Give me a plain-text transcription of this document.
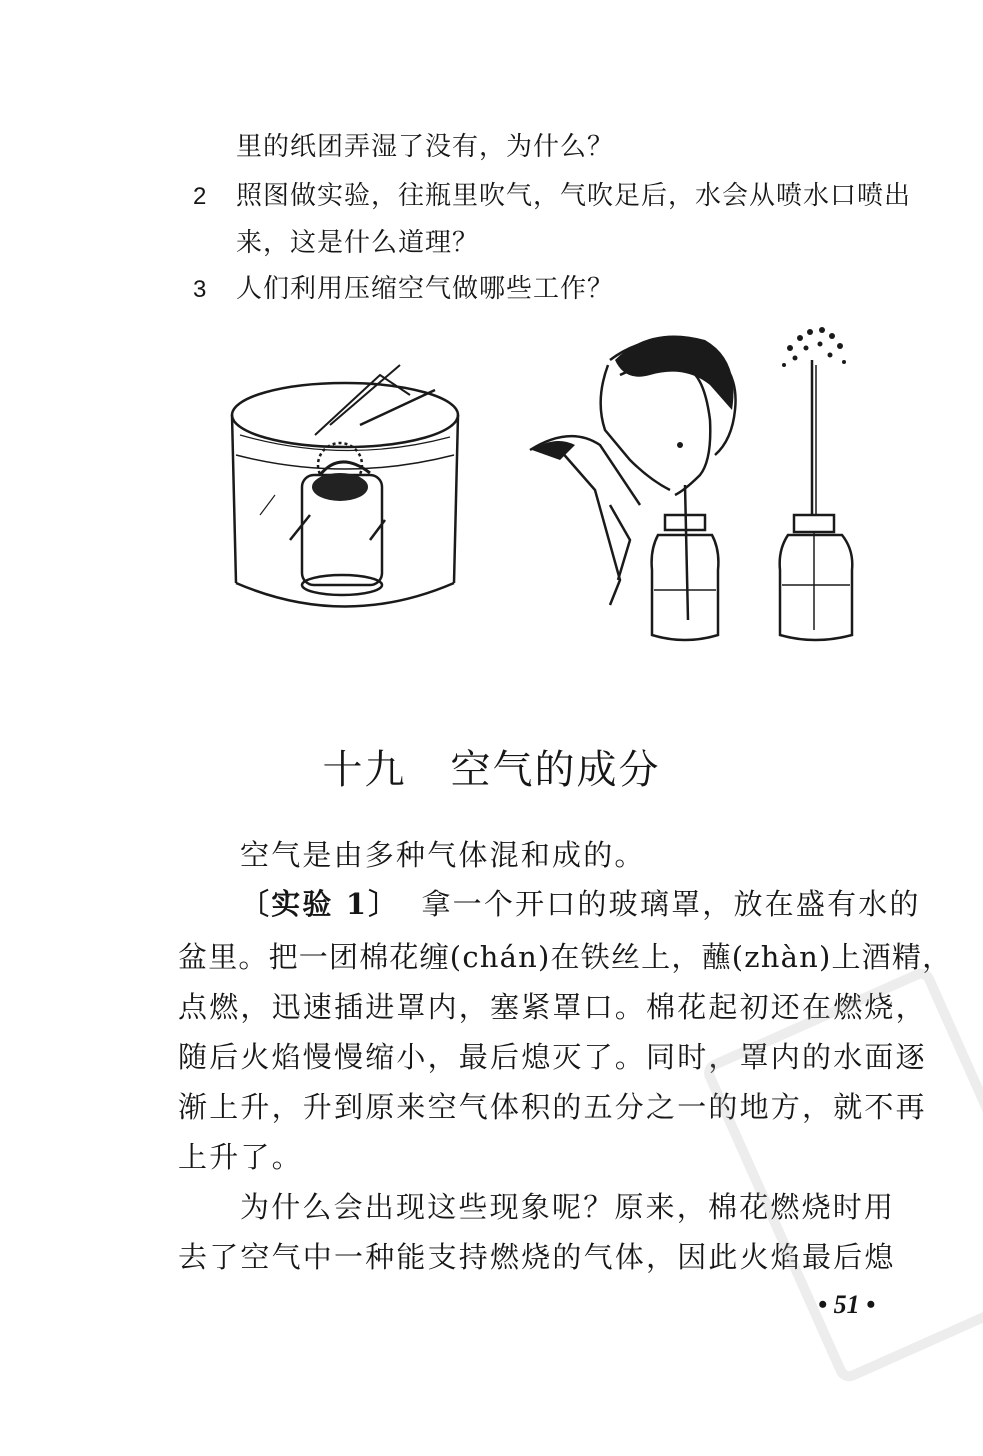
里的纸团弄湿了没有，为什么？
2 照图做实验，往瓶里吹气，气吹足后，水会从喷水口喷出
来，这是什么道理？
3 人们利用压缩空气做哪些工作？
十九 空气的成分
空气是由多种气体混和成的。
〔实验 1〕 拿一个开口的玻璃罩，放在盛有水的
盆里。把一团棉花缠(chán)在铁丝上，蘸(zhàn)上酒精，
点燃，迅速插进罩内，塞紧罩口。棉花起初还在燃烧，
随后火焰慢慢缩小，最后熄灭了。同时，罩内的水面逐
渐上升，升到原来空气体积的五分之一的地方，就不再
上升了。
为什么会出现这些现象呢？原来，棉花燃烧时用
去了空气中一种能支持燃烧的气体，因此火焰最后熄
• 51 •
